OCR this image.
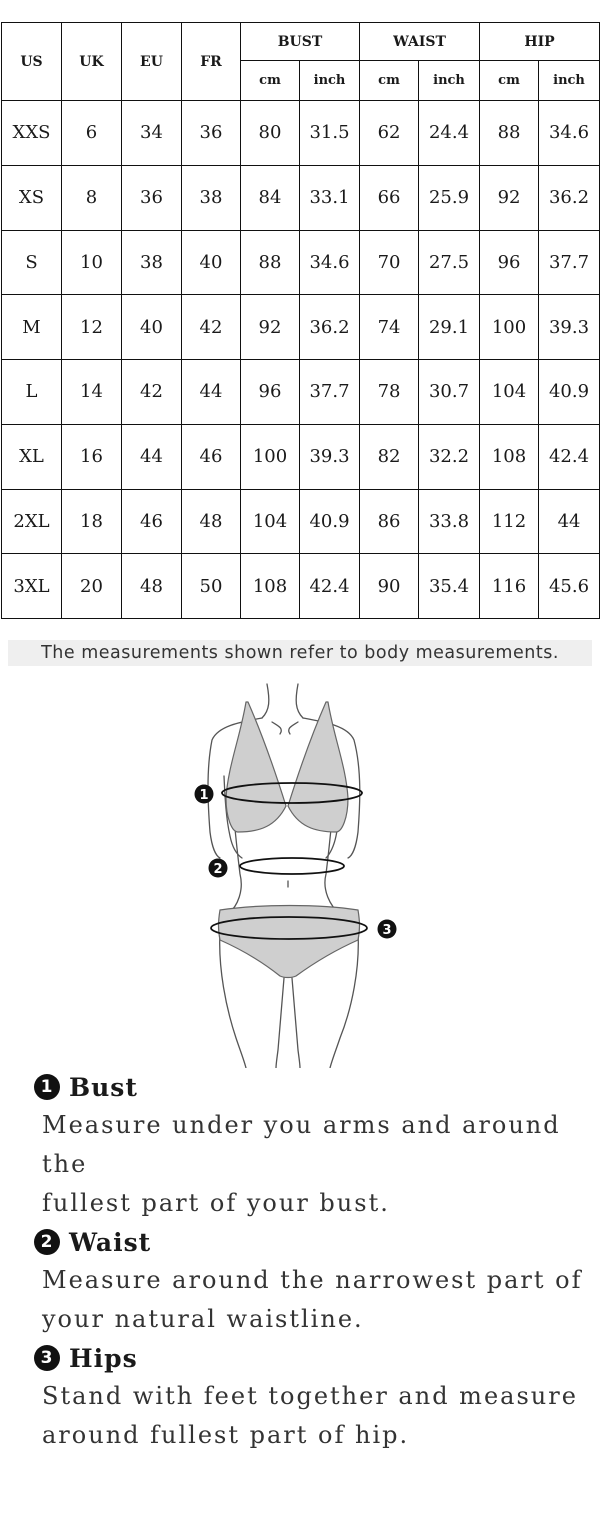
US	UK	EU	FR	BUST		WAIST		HIP	
				cm	inch	cm	inch	cm	inch
XXS	6	34	36	80	31.5	62	24.4	88	34.6
XS	8	36	38	84	33.1	66	25.9	92	36.2
S	10	38	40	88	34.6	70	27.5	96	37.7
M	12	40	42	92	36.2	74	29.1	100	39.3
L	14	42	44	96	37.7	78	30.7	104	40.9
XL	16	44	46	100	39.3	82	32.2	108	42.4
2XL	18	46	48	104	40.9	86	33.8	112	44
3XL	20	48	50	108	42.4	90	35.4	116	45.6
The measurements shown refer to body measurements.
1
2
3
1 Bust

Measure under you arms and around the
fullest part of your bust.

2 Waist

Measure around the narrowest part of
your natural waistline.

3 Hips

Stand with feet together and measure
around fullest part of hip.
